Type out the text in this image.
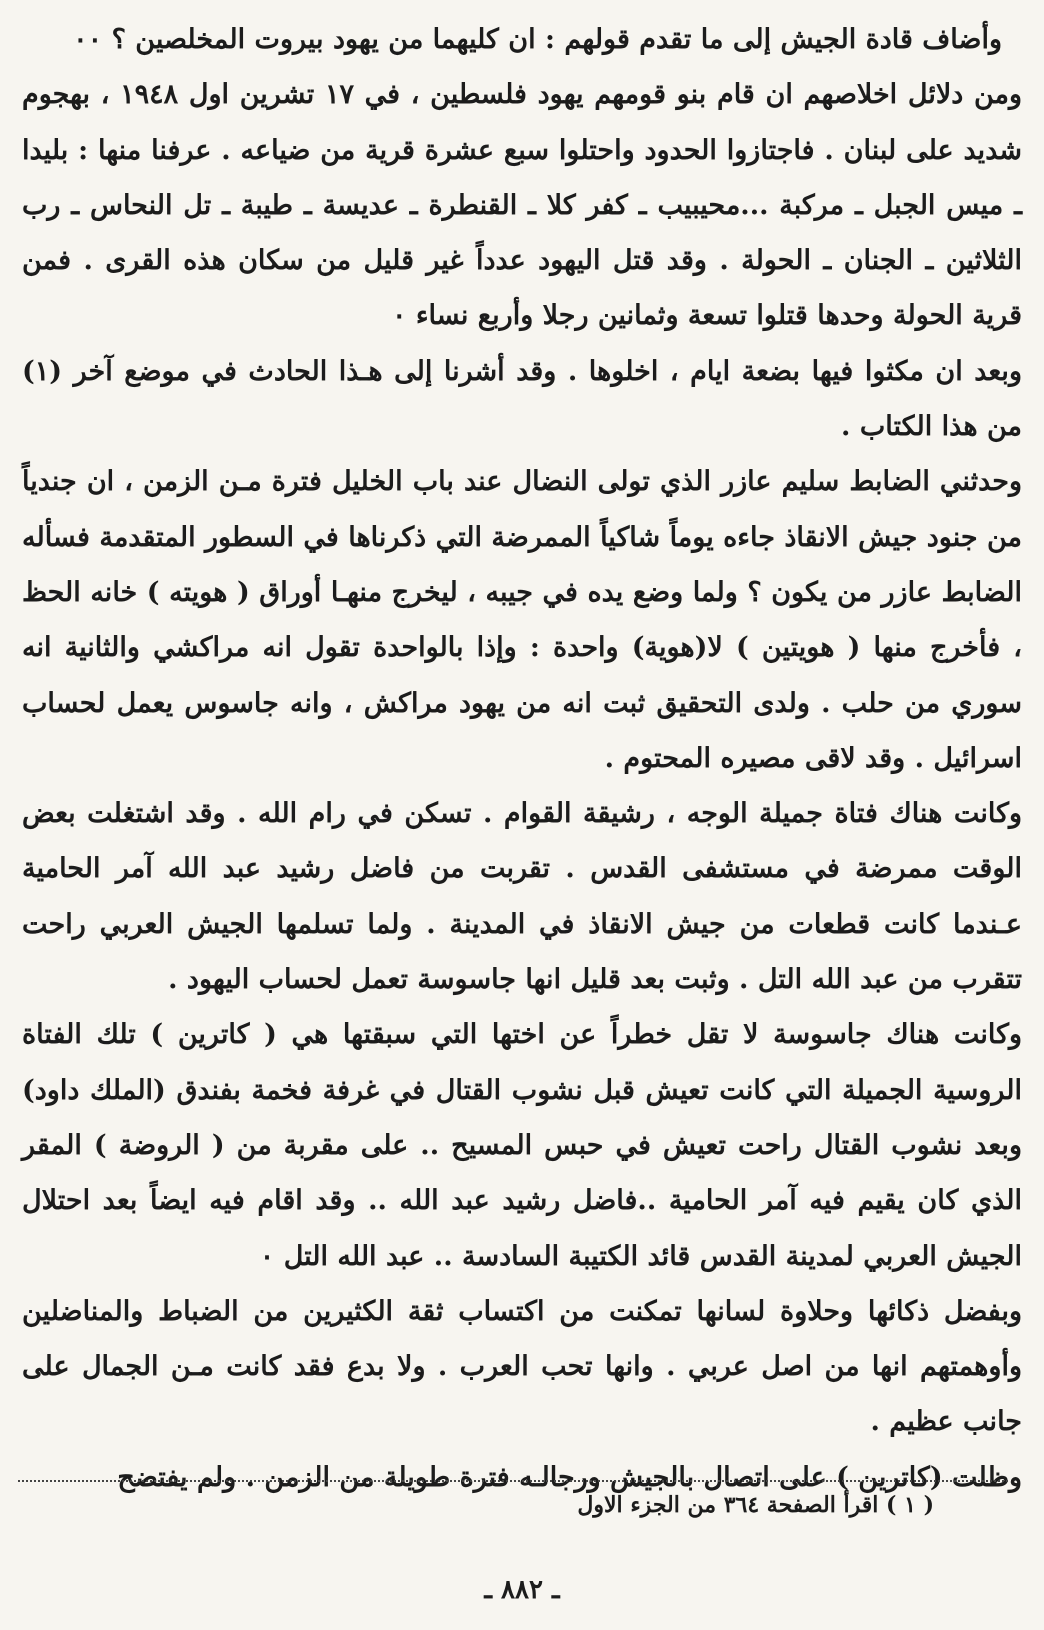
وأضاف قادة الجيش إلى ما تقدم قولهم : ان كليهما من يهود بيروت المخلصين ؟ ٠٠

ومن دلائل اخلاصهم ان قام بنو قومهم يهود فلسطين ، في ١٧ تشرين اول ١٩٤٨ ، بهجوم شديد على لبنان . فاجتازوا الحدود واحتلوا سبع عشرة قرية من ضياعه . عرفنا منها : بليدا ـ ميس الجبل ـ مركبة ...محيبيب ـ كفر كلا ـ القنطرة ـ عديسة ـ طيبة ـ تل النحاس ـ رب الثلاثين ـ الجنان ـ الحولة . وقد قتل اليهود عدداً غير قليل من سكان هذه القرى . فمن قرية الحولة وحدها قتلوا تسعة وثمانين رجلا وأربع نساء ٠

وبعد ان مكثوا فيها بضعة ايام ، اخلوها . وقد أشرنا إلى هـذا الحادث في موضع آخر (١) من هذا الكتاب .

وحدثني الضابط سليم عازر الذي تولى النضال عند باب الخليل فترة مـن الزمن ، ان جندياً من جنود جيش الانقاذ جاءه يوماً شاكياً الممرضة التي ذكرناها في السطور المتقدمة فسأله الضابط عازر من يكون ؟ ولما وضع يده في جيبه ، ليخرج منهـا أوراق ( هويته ) خانه الحظ ، فأخرج منها ( هويتين ) لا(هوية) واحدة : وإذا بالواحدة تقول انه مراكشي والثانية انه سوري من حلب . ولدى التحقيق ثبت انه من يهود مراكش ، وانه جاسوس يعمل لحساب اسرائيل . وقد لاقى مصيره المحتوم .

وكانت هناك فتاة جميلة الوجه ، رشيقة القوام . تسكن في رام الله . وقد اشتغلت بعض الوقت ممرضة في مستشفى القدس . تقربت من فاضل رشيد عبد الله آمر الحامية عـندما كانت قطعات من جيش الانقاذ في المدينة . ولما تسلمها الجيش العربي راحت تتقرب من عبد الله التل . وثبت بعد قليل انها جاسوسة تعمل لحساب اليهود .

وكانت هناك جاسوسة لا تقل خطراً عن اختها التي سبقتها هي ( كاترين ) تلك الفتاة الروسية الجميلة التي كانت تعيش قبل نشوب القتال في غرفة فخمة بفندق (الملك داود) وبعد نشوب القتال راحت تعيش في حبس المسيح .. على مقربة من ( الروضة ) المقر الذي كان يقيم فيه آمر الحامية ..فاضل رشيد عبد الله .. وقد اقام فيه ايضاً بعد احتلال الجيش العربي لمدينة القدس قائد الكتيبة السادسة .. عبد الله التل ٠

وبفضل ذكائها وحلاوة لسانها تمكنت من اكتساب ثقة الكثيرين من الضباط والمناضلين وأوهمتهم انها من اصل عربي . وانها تحب العرب . ولا بدع فقد كانت مـن الجمال على جانب عظيم .

وظلت (كاترين ) على اتصال بالجيش ورجالـه فترة طويلة من الزمن . ولم يفتضح

( ١ ) اقرأ الصفحة ٣٦٤ من الجزء الاول
ـ ٨٨٢ ـ
